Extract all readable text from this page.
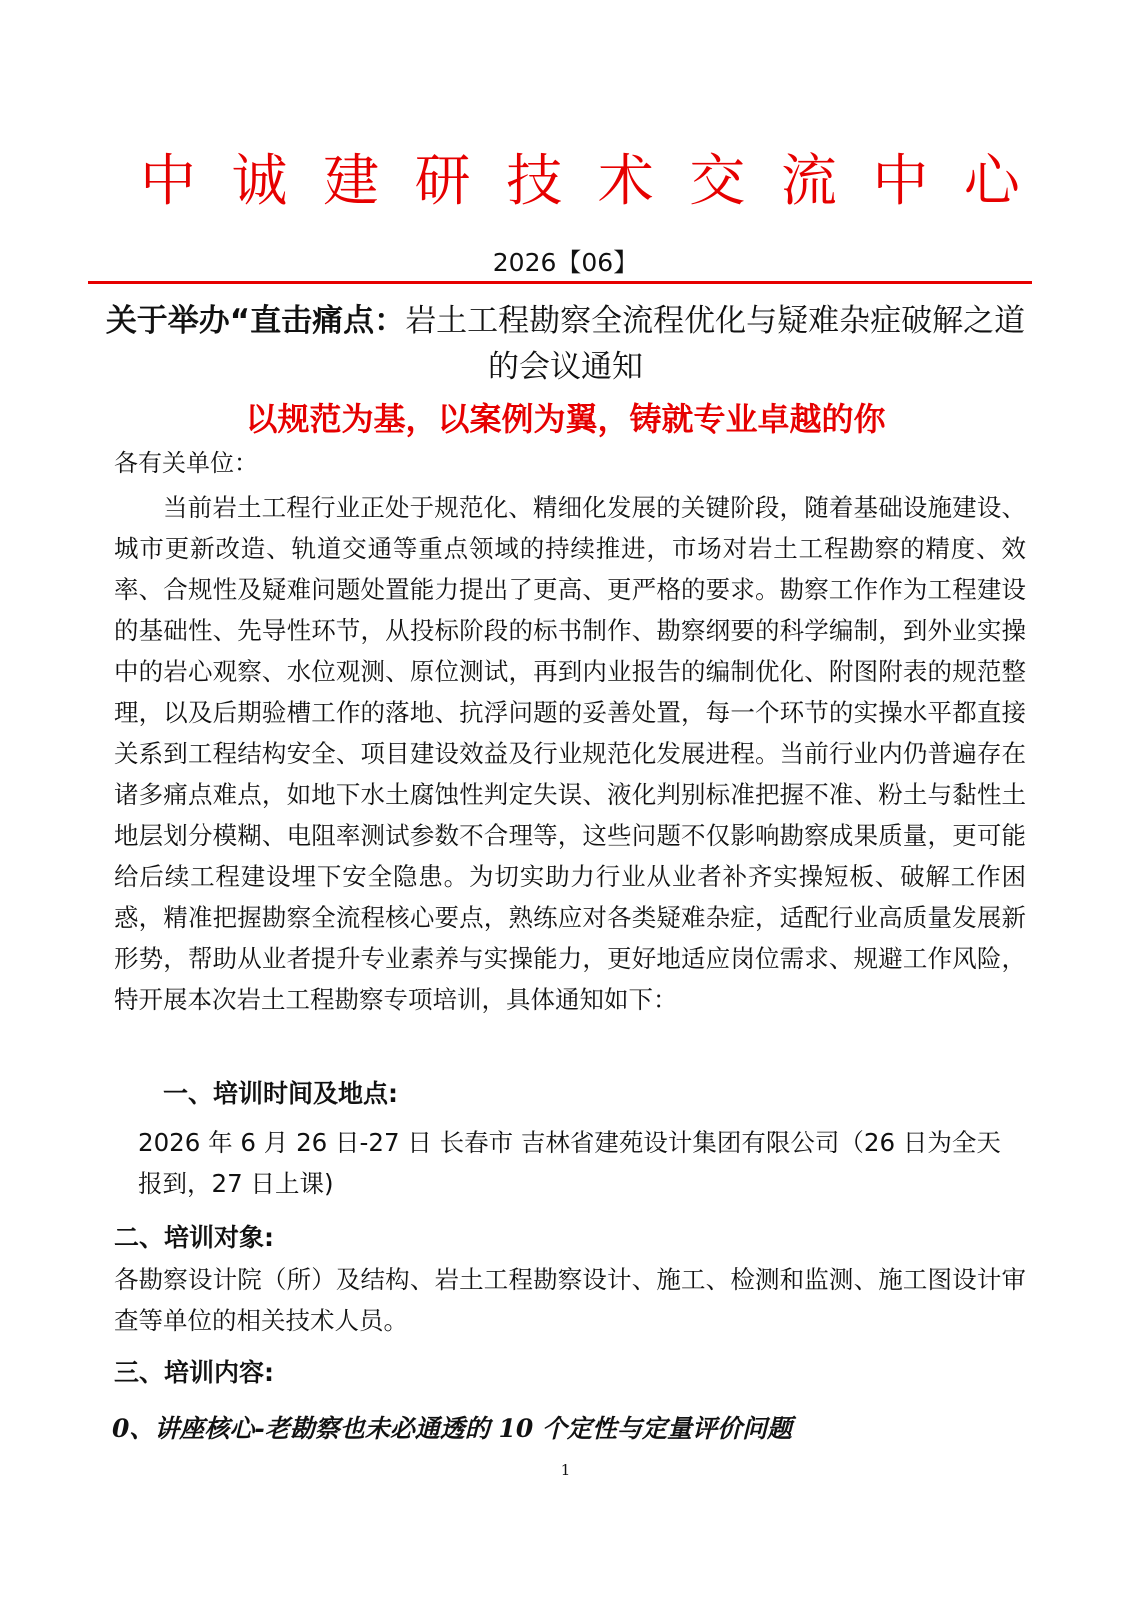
中 诚 建 研 技 术 交 流 中 心
2026【06】
关于举办“直击痛点：岩土工程勘察全流程优化与疑难杂症破解之道的会议通知
以规范为基，以案例为翼，铸就专业卓越的你
各有关单位：

当前岩土工程行业正处于规范化、精细化发展的关键阶段，随着基础设施建设、城市更新改造、轨道交通等重点领域的持续推进，市场对岩土工程勘察的精度、效率、合规性及疑难问题处置能力提出了更高、更严格的要求。勘察工作作为工程建设的基础性、先导性环节，从投标阶段的标书制作、勘察纲要的科学编制，到外业实操中的岩心观察、水位观测、原位测试，再到内业报告的编制优化、附图附表的规范整理，以及后期验槽工作的落地、抗浮问题的妥善处置，每一个环节的实操水平都直接关系到工程结构安全、项目建设效益及行业规范化发展进程。当前行业内仍普遍存在诸多痛点难点，如地下水土腐蚀性判定失误、液化判别标准把握不准、粉土与黏性土地层划分模糊、电阻率测试参数不合理等，这些问题不仅影响勘察成果质量，更可能给后续工程建设埋下安全隐患。为切实助力行业从业者补齐实操短板、破解工作困惑，精准把握勘察全流程核心要点，熟练应对各类疑难杂症，适配行业高质量发展新形势，帮助从业者提升专业素养与实操能力，更好地适应岗位需求、规避工作风险，特开展本次岩土工程勘察专项培训，具体通知如下：

一、培训时间及地点:

2026 年 6 月 26 日-27 日 长春市 吉林省建苑设计集团有限公司（26 日为全天报到，27 日上课)

二、培训对象:

各勘察设计院（所）及结构、岩土工程勘察设计、施工、检测和监测、施工图设计审查等单位的相关技术人员。

三、培训内容:
0、讲座核心-老勘察也未必通透的 10 个定性与定量评价问题
1
